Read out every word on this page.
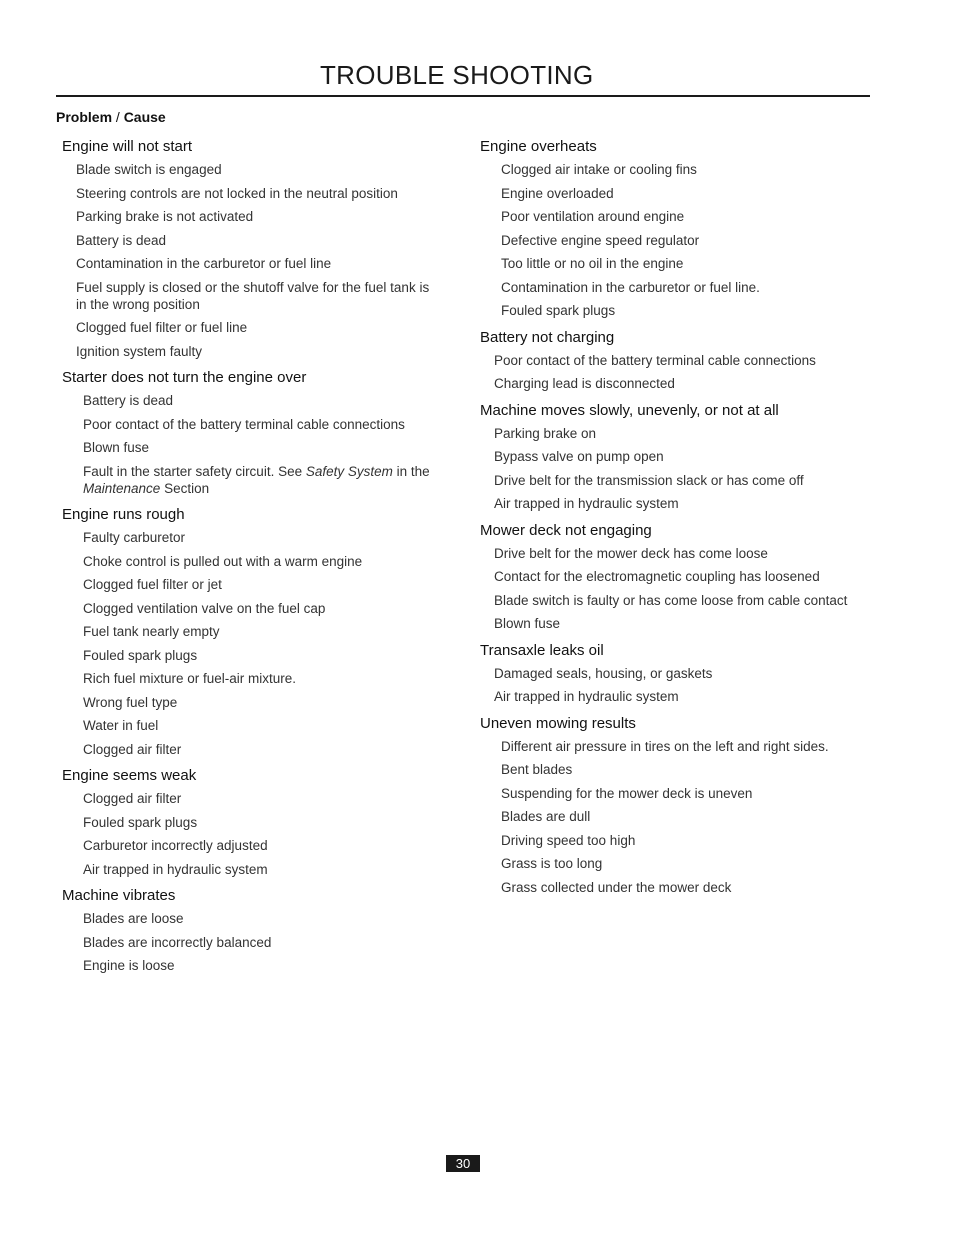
TROUBLE SHOOTING
Problem / Cause
Engine will not start
Blade switch is engaged
Steering controls are not locked in the neutral position
Parking brake is not activated
Battery is dead
Contamination in the carburetor or fuel line
Fuel supply is closed or the shutoff valve for the fuel tank is in the wrong position
Clogged fuel filter or fuel line
Ignition system faulty
Starter does not turn the engine over
Battery is dead
Poor contact of the battery terminal cable connections
Blown fuse
Fault in the starter safety circuit. See Safety System in the Maintenance Section
Engine runs rough
Faulty carburetor
Choke control is pulled out with a warm engine
Clogged fuel filter or jet
Clogged ventilation valve on the fuel cap
Fuel tank nearly empty
Fouled spark plugs
Rich fuel mixture or fuel-air mixture.
Wrong fuel type
Water in fuel
Clogged air filter
Engine seems weak
Clogged air filter
Fouled spark plugs
Carburetor incorrectly adjusted
Air trapped in hydraulic system
Machine vibrates
Blades are loose
Blades are incorrectly balanced
Engine is loose
Engine overheats
Clogged air intake or cooling fins
Engine overloaded
Poor ventilation around engine
Defective engine speed regulator
Too little or no oil in the engine
Contamination in the carburetor or fuel line.
Fouled spark plugs
Battery not charging
Poor contact of the battery terminal cable connections
Charging lead is disconnected
Machine moves slowly, unevenly, or not at all
Parking brake on
Bypass valve on pump open
Drive belt for the transmission slack or has come off
Air trapped in hydraulic system
Mower deck not engaging
Drive belt for the mower deck has come loose
Contact for the electromagnetic coupling has loosened
Blade switch is faulty or has come loose from cable contact
Blown fuse
Transaxle leaks oil
Damaged seals, housing, or gaskets
Air trapped in hydraulic system
Uneven mowing results
Different air pressure in tires on the left and right sides.
Bent blades
Suspending for the mower deck is uneven
Blades are dull
Driving speed too high
Grass is too long
Grass collected under the mower deck
30
